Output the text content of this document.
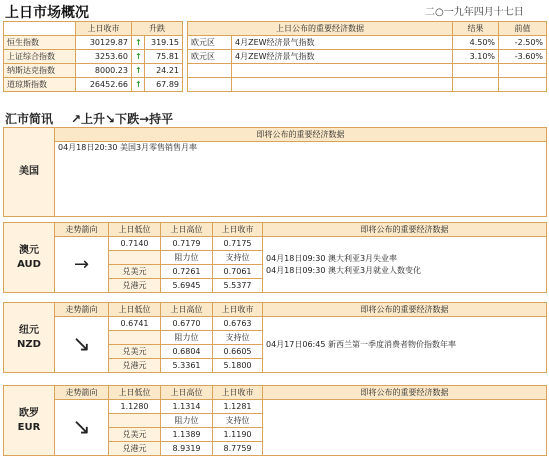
上日市场概况	二○一九年四月十七日
	上日收市	升跌	
恒生指数	30129.87	↑	319.15
上证综合指数	3253.60	↑	75.81
纳斯达克指数	8000.23	↑	24.21
道琼斯指数	26452.66	↑	67.89
上日公布的重要经济数据		结果	前值
欧元区	4月ZEW经济景气指数	4.50%	-2.50%
欧元区	4月ZEW经济景气指数	3.10%	-3.60%

汇市简讯 ↗上升↘下跌→持平
美国	即将公布的重要经济数据
04月18日20:30 美国3月零售销售月率
澳元
AUD	走势箭向	上日低位	上日高位	上日收市	即将公布的重要经济数据
	→	0.7140	0.7179	0.7175	04月18日09:30 澳大利亚3月失业率
04月18日09:30 澳大利亚3月就业人数变化

			阻力位	支持位	
		兑美元	0.7261	0.7061	
		兑港元	5.6945	5.5377	
纽元
NZD	走势箭向	上日低位	上日高位	上日收市	即将公布的重要经济数据
	↘	0.6741	0.6770	0.6763	04月17日06:45 新西兰第一季度消费者物价指数年率

			阻力位	支持位	
		兑美元	0.6804	0.6605	
		兑港元	5.3361	5.1800	
欧罗
EUR	走势箭向	上日低位	上日高位	上日收市	即将公布的重要经济数据
	↘	1.1280	1.1314	1.1281	
			阻力位	支持位	
		兑美元	1.1389	1.1190	
		兑港元	8.9319	8.7759	
